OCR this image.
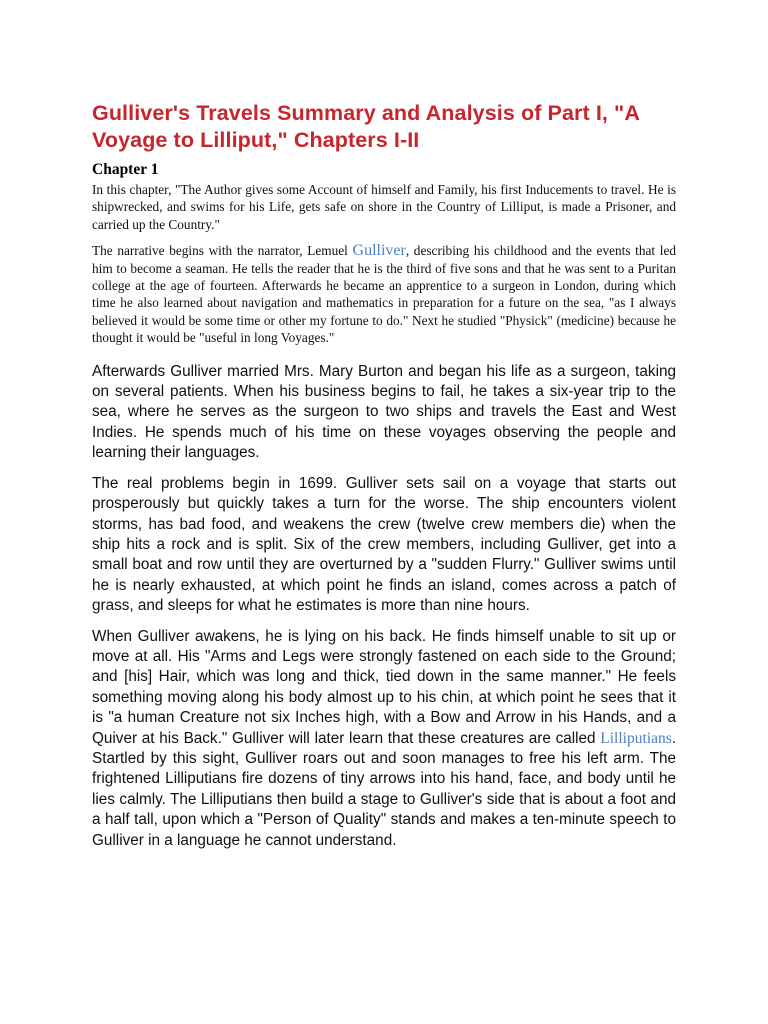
Gulliver's Travels Summary and Analysis of Part I, "A Voyage to Lilliput," Chapters I-II
Chapter 1

In this chapter, "The Author gives some Account of himself and Family, his first Inducements to travel. He is shipwrecked, and swims for his Life, gets safe on shore in the Country of Lilliput, is made a Prisoner, and carried up the Country."

The narrative begins with the narrator, Lemuel Gulliver, describing his childhood and the events that led him to become a seaman. He tells the reader that he is the third of five sons and that he was sent to a Puritan college at the age of fourteen. Afterwards he became an apprentice to a surgeon in London, during which time he also learned about navigation and mathematics in preparation for a future on the sea, "as I always believed it would be some time or other my fortune to do." Next he studied "Physick" (medicine) because he thought it would be "useful in long Voyages."

Afterwards Gulliver married Mrs. Mary Burton and began his life as a surgeon, taking on several patients. When his business begins to fail, he takes a six-year trip to the sea, where he serves as the surgeon to two ships and travels the East and West Indies. He spends much of his time on these voyages observing the people and learning their languages.

The real problems begin in 1699. Gulliver sets sail on a voyage that starts out prosperously but quickly takes a turn for the worse. The ship encounters violent storms, has bad food, and weakens the crew (twelve crew members die) when the ship hits a rock and is split. Six of the crew members, including Gulliver, get into a small boat and row until they are overturned by a "sudden Flurry." Gulliver swims until he is nearly exhausted, at which point he finds an island, comes across a patch of grass, and sleeps for what he estimates is more than nine hours.

When Gulliver awakens, he is lying on his back. He finds himself unable to sit up or move at all. His "Arms and Legs were strongly fastened on each side to the Ground; and [his] Hair, which was long and thick, tied down in the same manner." He feels something moving along his body almost up to his chin, at which point he sees that it is "a human Creature not six Inches high, with a Bow and Arrow in his Hands, and a Quiver at his Back." Gulliver will later learn that these creatures are called Lilliputians. Startled by this sight, Gulliver roars out and soon manages to free his left arm. The frightened Lilliputians fire dozens of tiny arrows into his hand, face, and body until he lies calmly. The Lilliputians then build a stage to Gulliver's side that is about a foot and a half tall, upon which a "Person of Quality" stands and makes a ten-minute speech to Gulliver in a language he cannot understand.
